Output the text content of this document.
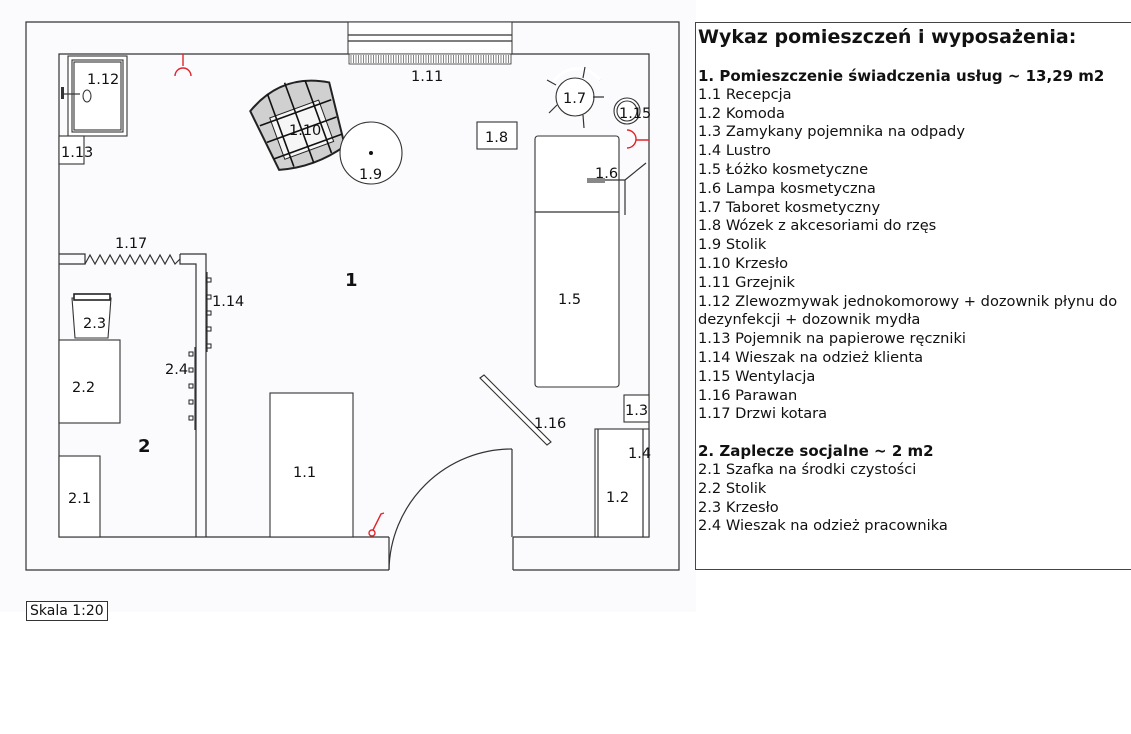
1
2
1.1
1.2
1.3
1.4
1.5
1.6
1.7
1.8
1.9
1.10
1.11
1.12
1.13
1.14
1.15
1.16
1.17
2.1
2.2
2.3
2.4
Skala 1:20
Wykaz pomieszczeń i wyposażenia:
1. Pomieszczenie świadczenia usług ~ 13,29 m2
1.1 Recepcja
1.2 Komoda
1.3 Zamykany pojemnika na odpady
1.4 Lustro
1.5 Łóżko kosmetyczne
1.6 Lampa kosmetyczna
1.7 Taboret kosmetyczny
1.8 Wózek z akcesoriami do rzęs
1.9 Stolik
1.10 Krzesło
1.11 Grzejnik
1.12 Zlewozmywak jednokomorowy + dozownik płynu do dezynfekcji + dozownik mydła
1.13 Pojemnik na papierowe ręczniki
1.14 Wieszak na odzież klienta
1.15 Wentylacja
1.16 Parawan
1.17 Drzwi kotara
2. Zaplecze socjalne ~ 2 m2
2.1 Szafka na środki czystości
2.2 Stolik
2.3 Krzesło
2.4 Wieszak na odzież pracownika
